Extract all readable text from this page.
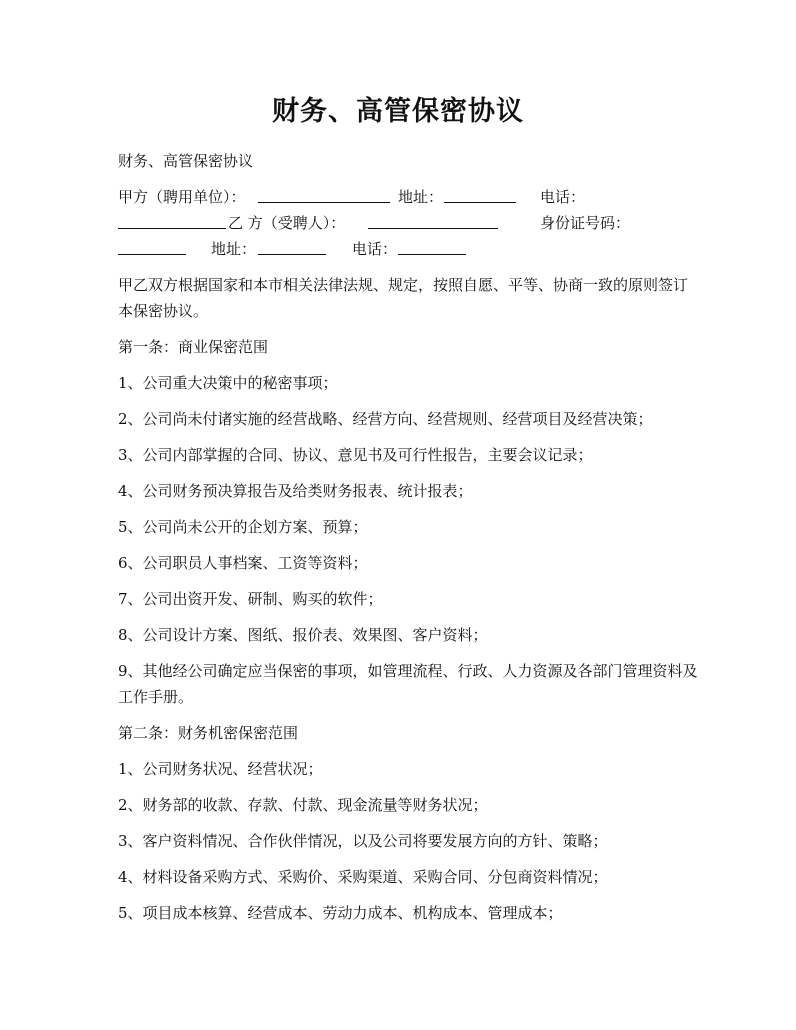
财务、高管保密协议

财务、高管保密协议

甲方（聘用单位）：	地址：	电话：
乙 方（受聘人）：	身份证号码：
地址：	电话：

甲乙双方根据国家和本市相关法律法规、规定，按照自愿、平等、协商一致的原则签订本保密协议。

第一条：商业保密范围

1、公司重大决策中的秘密事项；

2、公司尚未付诸实施的经营战略、经营方向、经营规则、经营项目及经营决策；

3、公司内部掌握的合同、协议、意见书及可行性报告，主要会议记录；

4、公司财务预决算报告及给类财务报表、统计报表；

5、公司尚未公开的企划方案、预算；

6、公司职员人事档案、工资等资料；

7、公司出资开发、研制、购买的软件；

8、公司设计方案、图纸、报价表、效果图、客户资料；

9、其他经公司确定应当保密的事项，如管理流程、行政、人力资源及各部门管理资料及工作手册。

第二条：财务机密保密范围

1、公司财务状况、经营状况；

2、财务部的收款、存款、付款、现金流量等财务状况；

3、客户资料情况、合作伙伴情况，以及公司将要发展方向的方针、策略；

4、材料设备采购方式、采购价、采购渠道、采购合同、分包商资料情况；

5、项目成本核算、经营成本、劳动力成本、机构成本、管理成本；
